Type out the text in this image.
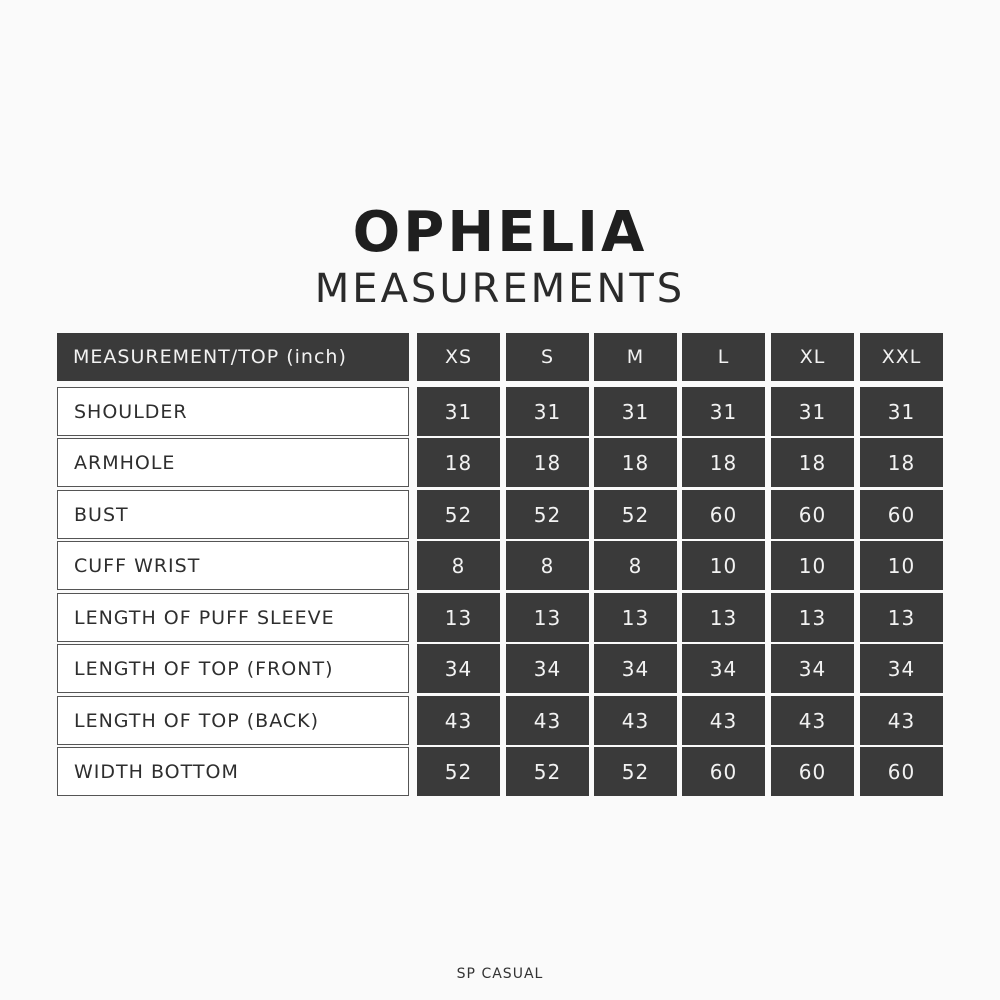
OPHELIA
MEASUREMENTS
MEASUREMENT/TOP (inch)	XS	S	M	L	XL	XXL
SHOULDER	31	31	31	31	31	31
ARMHOLE	18	18	18	18	18	18
BUST	52	52	52	60	60	60
CUFF WRIST	8	8	8	10	10	10
LENGTH OF PUFF SLEEVE	13	13	13	13	13	13
LENGTH OF TOP (FRONT)	34	34	34	34	34	34
LENGTH OF TOP (BACK)	43	43	43	43	43	43
WIDTH BOTTOM	52	52	52	60	60	60
SP CASUAL
